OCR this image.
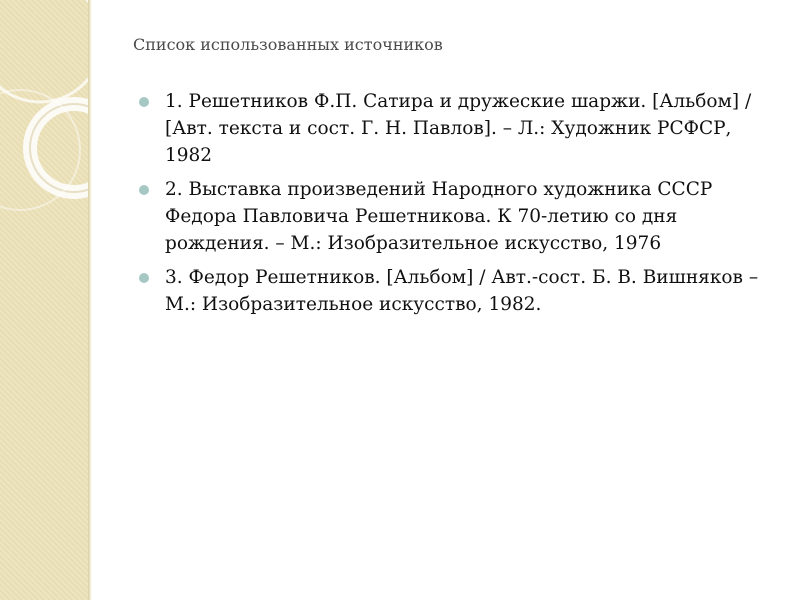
Список использованных источников
1. Решетников Ф.П. Сатира и дружеские шаржи. [Альбом] / [Авт. текста и сост. Г. Н. Павлов]. – Л.: Художник РСФСР, 1982
2. Выставка произведений Народного художника СССР Федора Павловича Решетникова. К 70-летию со дня рождения. – М.: Изобразительное искусство, 1976
3. Федор Решетников. [Альбом] / Авт.-сост. Б. В. Вишняков – М.: Изобразительное искусство, 1982.
